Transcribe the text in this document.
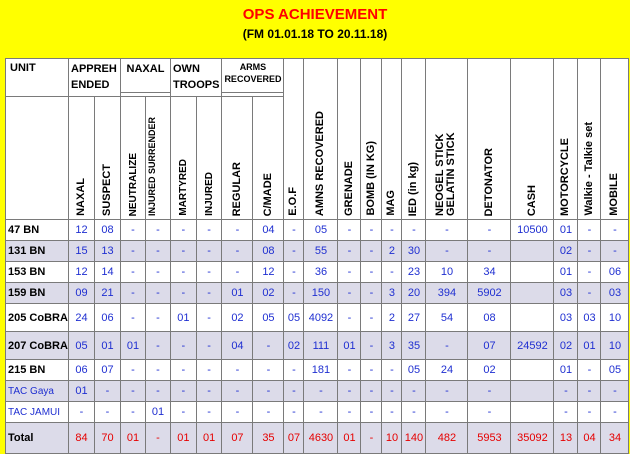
OPS ACHIEVEMENT
(FM 01.01.18 TO 20.11.18)
UNIT	APPREH ENDED		NAXAL		OWN TROOPS		ARMS RECOVERED		E.O.F	AMNS RECOVERED	GRENADE	BOMB (IN KG)	MAG	IED (in kg)	NEOGEL STICK GELATIN STICK	DETONATOR	CASH	MOTORCYCLE	Walkie - Talkie set	MOBILE

	NAXAL	SUSPECT	NEUTRALIZE	INJURED SURRENDER	MARTYRED	INJURED	REGULAR	C/MADE												
47 BN	12	08	-	-	-	-	-	04	-	05	-	-	-	-	-	-	10500	01	-	-
131 BN	15	13	-	-	-	-	-	08	-	55	-	-	2	30	-	-		02	-	-
153 BN	12	14	-	-	-	-	-	12	-	36	-	-	-	23	10	34		01	-	06
159 BN	09	21	-	-	-	-	01	02	-	150	-	-	3	20	394	5902		03	-	03
205 CoBRA	24	06	-	-	01	-	02	05	05	4092	-	-	2	27	54	08		03	03	10
207 CoBRA	05	01	01	-	-	-	04	-	02	111	01	-	3	35	-	07	24592	02	01	10
215 BN	06	07	-	-	-	-	-	-	-	181	-	-	-	05	24	02		01	-	05
TAC Gaya	01	-	-	-	-	-	-	-	-	-	-	-	-	-	-	-		-	-	-
TAC JAMUI	-	-	-	01	-	-	-	-	-	-	-	-	-	-	-	-		-	-	-
Total	84	70	01	-	01	01	07	35	07	4630	01	-	10	140	482	5953	35092	13	04	34
